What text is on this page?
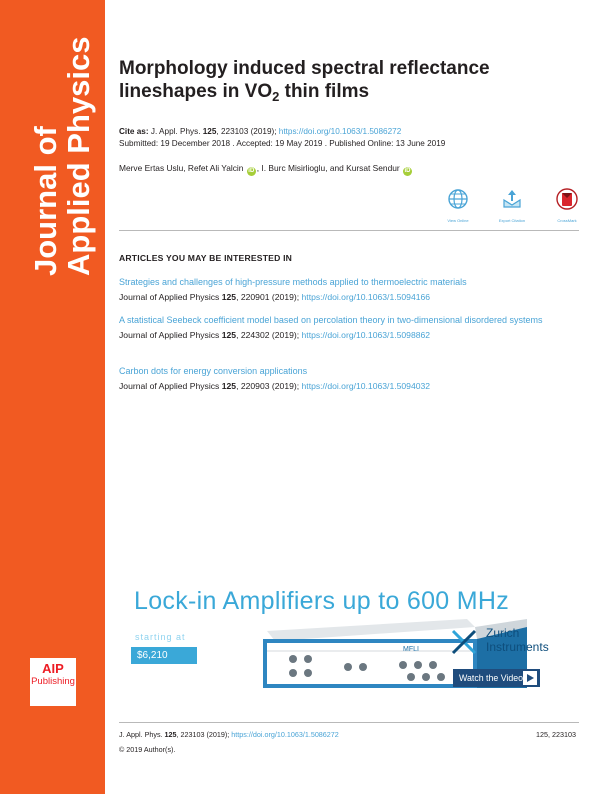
Journal of
Applied Physics
AIP
Publishing
Morphology induced spectral reflectance lineshapes in $VO_2$ thin films
Cite as: J. Appl. Phys. 125, 223103 (2019); https://doi.org/10.1063/1.5086272
Submitted: 19 December 2018 . Accepted: 19 May 2019 . Published Online: 13 June 2019
Merve Ertas Uslu, Refet Ali Yalcin iD , I. Burc Misirlioglu, and Kursat Sendur iD
View Online	Export Citation	CrossMark
ARTICLES YOU MAY BE INTERESTED IN
Strategies and challenges of high-pressure methods applied to thermoelectric materials
Journal of Applied Physics 125, 220901 (2019); https://doi.org/10.1063/1.5094166
A statistical Seebeck coefficient model based on percolation theory in two-dimensional disordered systems
Journal of Applied Physics 125, 224302 (2019); https://doi.org/10.1063/1.5098862
Carbon dots for energy conversion applications
Journal of Applied Physics 125, 220903 (2019); https://doi.org/10.1063/1.5094032
Lock-in Amplifiers up to 600 MHz
starting at
$6,210
MFLI
Zurich
Instruments
Watch the Video
J. Appl. Phys. 125, 223103 (2019); https://doi.org/10.1063/1.5086272	125, 223103
© 2019 Author(s).
